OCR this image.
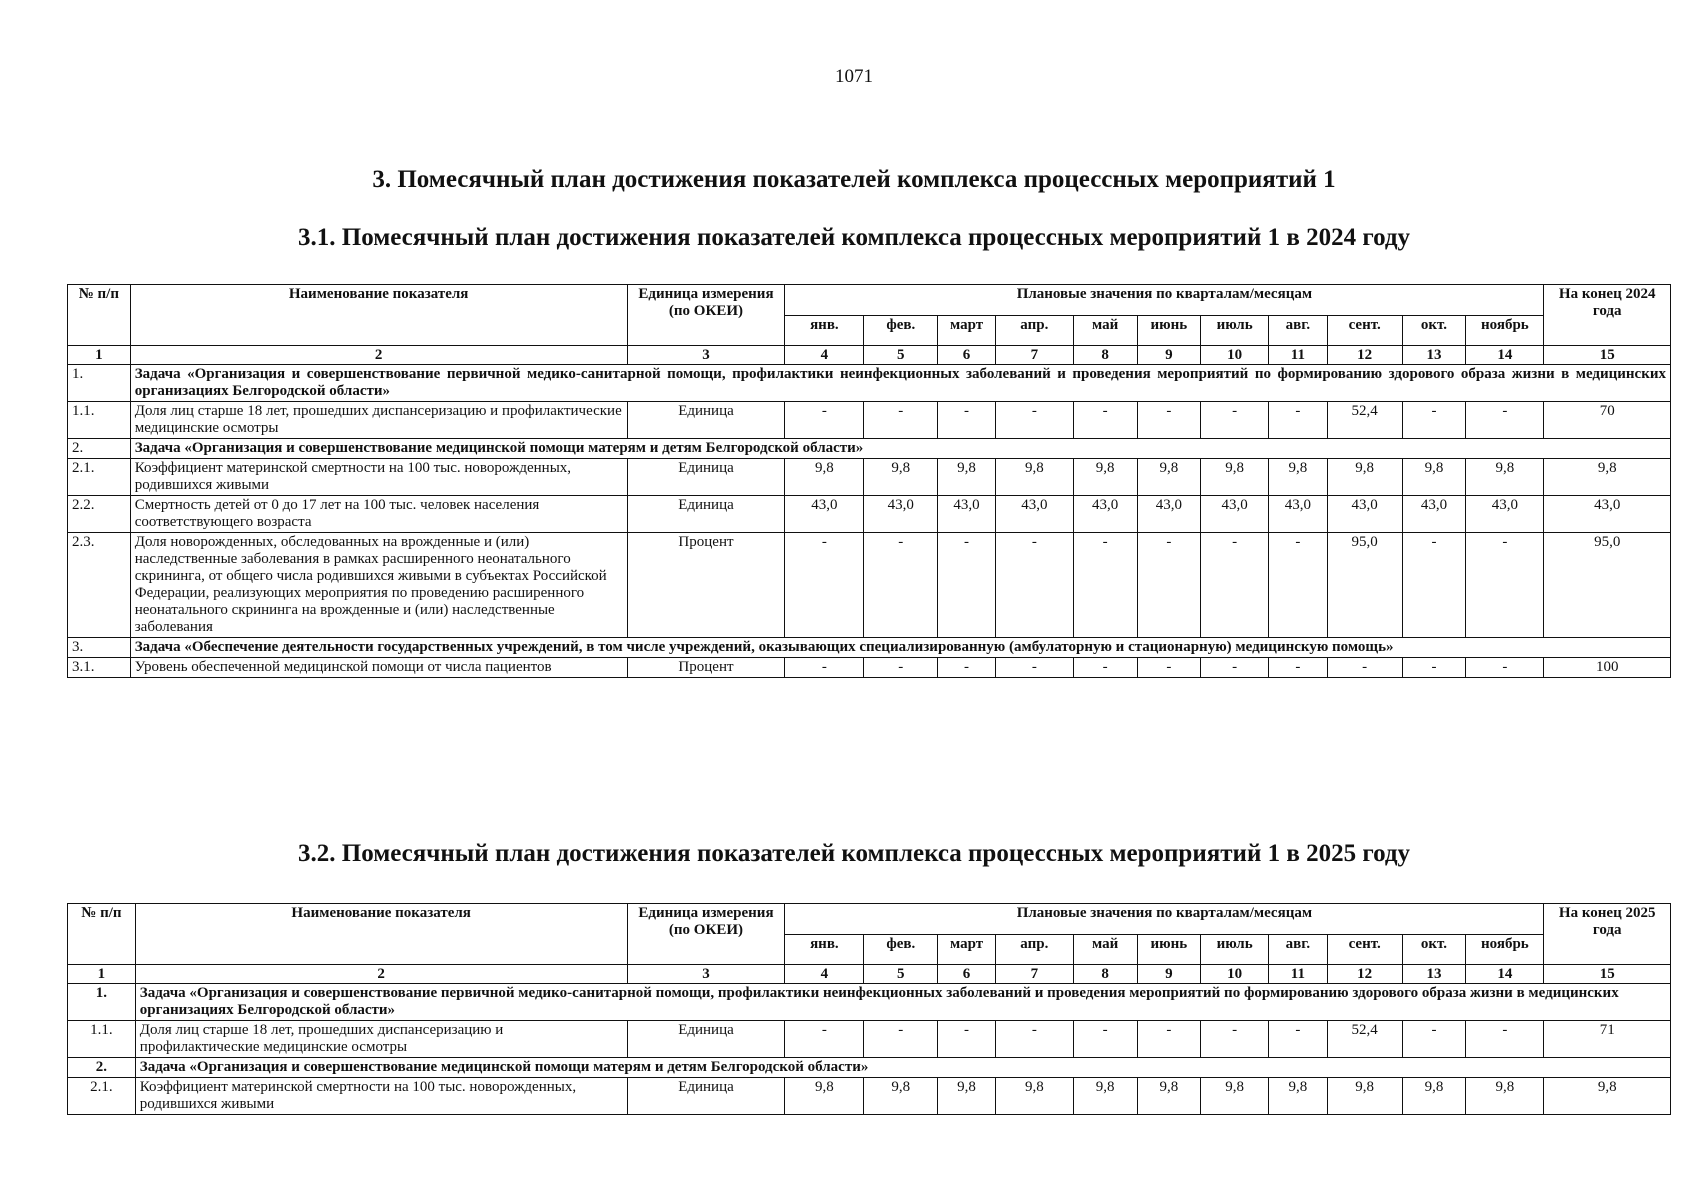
1071
3. Помесячный план достижения показателей комплекса процессных мероприятий 1
3.1. Помесячный план достижения показателей комплекса процессных мероприятий 1 в 2024 году
№ п/п	Наименование показателя	Единица измерения (по ОКЕИ)	Плановые значения по кварталам/месяцам											На конец 2024 года
			янв.	фев.	март	апр.	май	июнь	июль	авг.	сент.	окт.	ноябрь	
1	2	3	4	5	6	7	8	9	10	11	12	13	14	15
1.	Задача «Организация и совершенствование первичной медико-санитарной помощи, профилактики неинфекционных заболеваний и проведения мероприятий по формированию здорового образа жизни в медицинских организациях Белгородской области»													
1.1.	Доля лиц старше 18 лет, прошедших диспансеризацию и профилактические медицинские осмотры	Единица	-	-	-	-	-	-	-	-	52,4	-	-	70
2.	Задача «Организация и совершенствование медицинской помощи матерям и детям Белгородской области»													
2.1.	Коэффициент материнской смертности на 100 тыс. новорожденных, родившихся живыми	Единица	9,8	9,8	9,8	9,8	9,8	9,8	9,8	9,8	9,8	9,8	9,8	9,8
2.2.	Смертность детей от 0 до 17 лет на 100 тыс. человек населения соответствующего возраста	Единица	43,0	43,0	43,0	43,0	43,0	43,0	43,0	43,0	43,0	43,0	43,0	43,0
2.3.	Доля новорожденных, обследованных на врожденные и (или) наследственные заболевания в рамках расширенного неонатального скрининга, от общего числа родившихся живыми в субъектах Российской Федерации, реализующих мероприятия по проведению расширенного неонатального скрининга на врожденные и (или) наследственные заболевания	Процент	-	-	-	-	-	-	-	-	95,0	-	-	95,0
3.	Задача «Обеспечение деятельности государственных учреждений, в том числе учреждений, оказывающих специализированную (амбулаторную и стационарную) медицинскую помощь»													
3.1.	Уровень обеспеченной медицинской помощи от числа пациентов	Процент	-	-	-	-	-	-	-	-	-	-	-	100
3.2. Помесячный план достижения показателей комплекса процессных мероприятий 1 в 2025 году
№ п/п	Наименование показателя	Единица измерения (по ОКЕИ)	Плановые значения по кварталам/месяцам											На конец 2025 года
			янв.	фев.	март	апр.	май	июнь	июль	авг.	сент.	окт.	ноябрь	
1	2	3	4	5	6	7	8	9	10	11	12	13	14	15
1.	Задача «Организация и совершенствование первичной медико-санитарной помощи, профилактики неинфекционных заболеваний и проведения мероприятий по формированию здорового образа жизни в медицинских организациях Белгородской области»													
1.1.	Доля лиц старше 18 лет, прошедших диспансеризацию и профилактические медицинские осмотры	Единица	-	-	-	-	-	-	-	-	52,4	-	-	71
2.	Задача «Организация и совершенствование медицинской помощи матерям и детям Белгородской области»													
2.1.	Коэффициент материнской смертности на 100 тыс. новорожденных, родившихся живыми	Единица	9,8	9,8	9,8	9,8	9,8	9,8	9,8	9,8	9,8	9,8	9,8	9,8
